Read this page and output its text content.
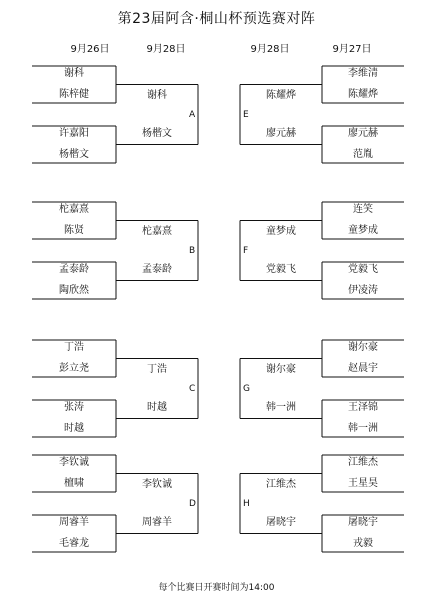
第23届阿含·桐山杯预选赛对阵
9月26日	9月28日	9月28日	9月27日
谢科
陈梓健
许嘉阳
杨楷文
谢科
杨楷文
A
柁嘉熹
陈贤
孟泰龄
陶欣然
柁嘉熹
孟泰龄
B
丁浩
彭立尧
张涛
时越
丁浩
时越
C
李钦诚
檀啸
周睿羊
毛睿龙
李钦诚
周睿羊
D
李维清
陈耀烨
廖元赫
范胤
陈耀烨
廖元赫
E
连笑
童梦成
党毅飞
伊凌涛
童梦成
党毅飞
F
谢尔豪
赵晨宇
王泽锦
韩一洲
谢尔豪
韩一洲
G
江维杰
王星昊
屠晓宇
戎毅
江维杰
屠晓宇
H
每个比赛日开赛时间为14:00
